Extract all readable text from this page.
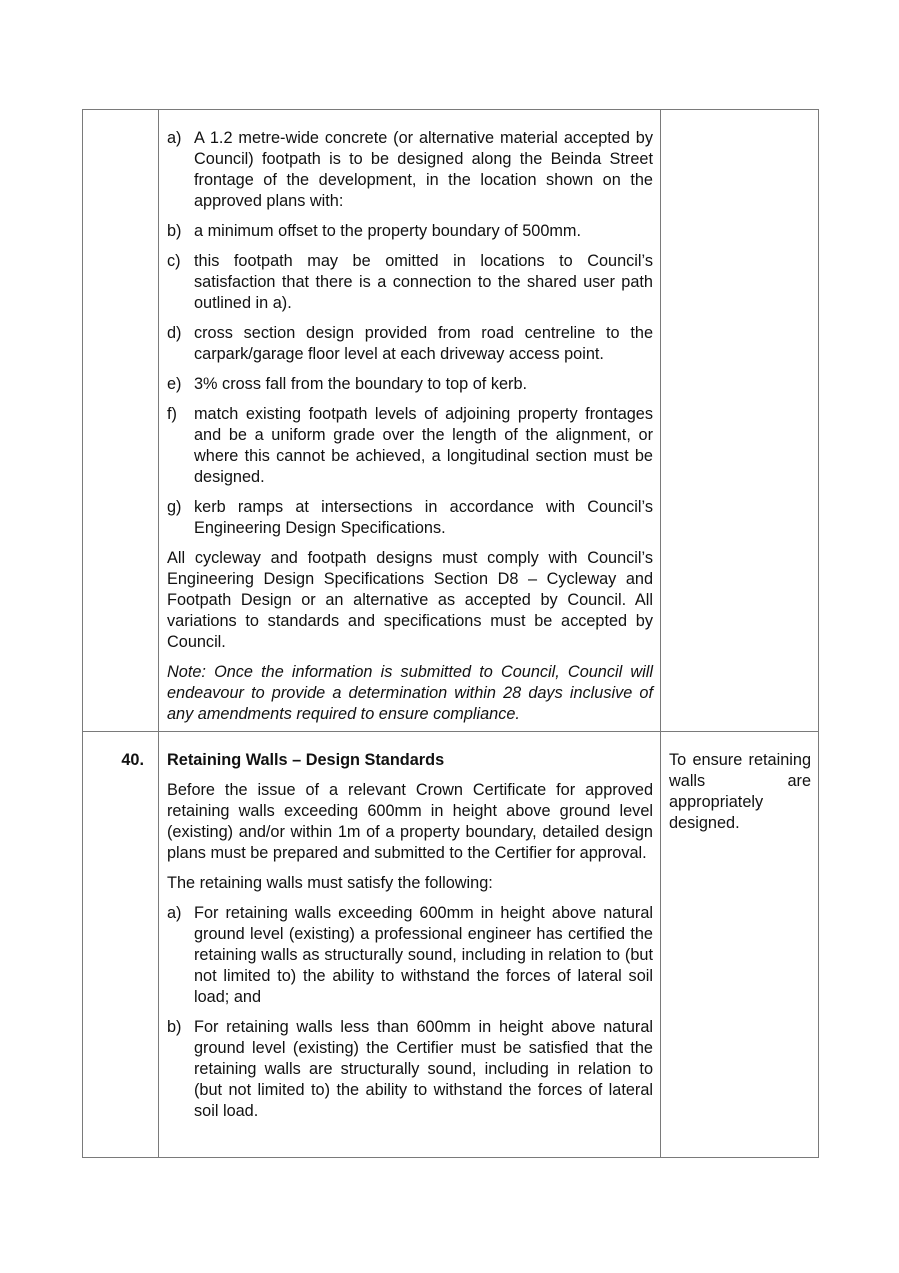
a) A 1.2 metre-wide concrete (or alternative material accepted by Council) footpath is to be designed along the Beinda Street frontage of the development, in the location shown on the approved plans with:
b) a minimum offset to the property boundary of 500mm.
c) this footpath may be omitted in locations to Council’s satisfaction that there is a connection to the shared user path outlined in a).
d) cross section design provided from road centreline to the carpark/garage floor level at each driveway access point.
e) 3% cross fall from the boundary to top of kerb.
f) match existing footpath levels of adjoining property frontages and be a uniform grade over the length of the alignment, or where this cannot be achieved, a longitudinal section must be designed.
g) kerb ramps at intersections in accordance with Council’s Engineering Design Specifications.

All cycleway and footpath designs must comply with Council’s Engineering Design Specifications Section D8 – Cycleway and Footpath Design or an alternative as accepted by Council. All variations to standards and specifications must be accepted by Council.

Note: Once the information is submitted to Council, Council will endeavour to provide a determination within 28 days inclusive of any amendments required to ensure compliance.

40. Retaining Walls – Design Standards

Before the issue of a relevant Crown Certificate for approved retaining walls exceeding 600mm in height above ground level (existing) and/or within 1m of a property boundary, detailed design plans must be prepared and submitted to the Certifier for approval.

The retaining walls must satisfy the following:

a) For retaining walls exceeding 600mm in height above natural ground level (existing) a professional engineer has certified the retaining walls as structurally sound, including in relation to (but not limited to) the ability to withstand the forces of lateral soil load; and
b) For retaining walls less than 600mm in height above natural ground level (existing) the Certifier must be satisfied that the retaining walls are structurally sound, including in relation to (but not limited to) the ability to withstand the forces of lateral soil load.
To ensure retaining walls are appropriately designed.
